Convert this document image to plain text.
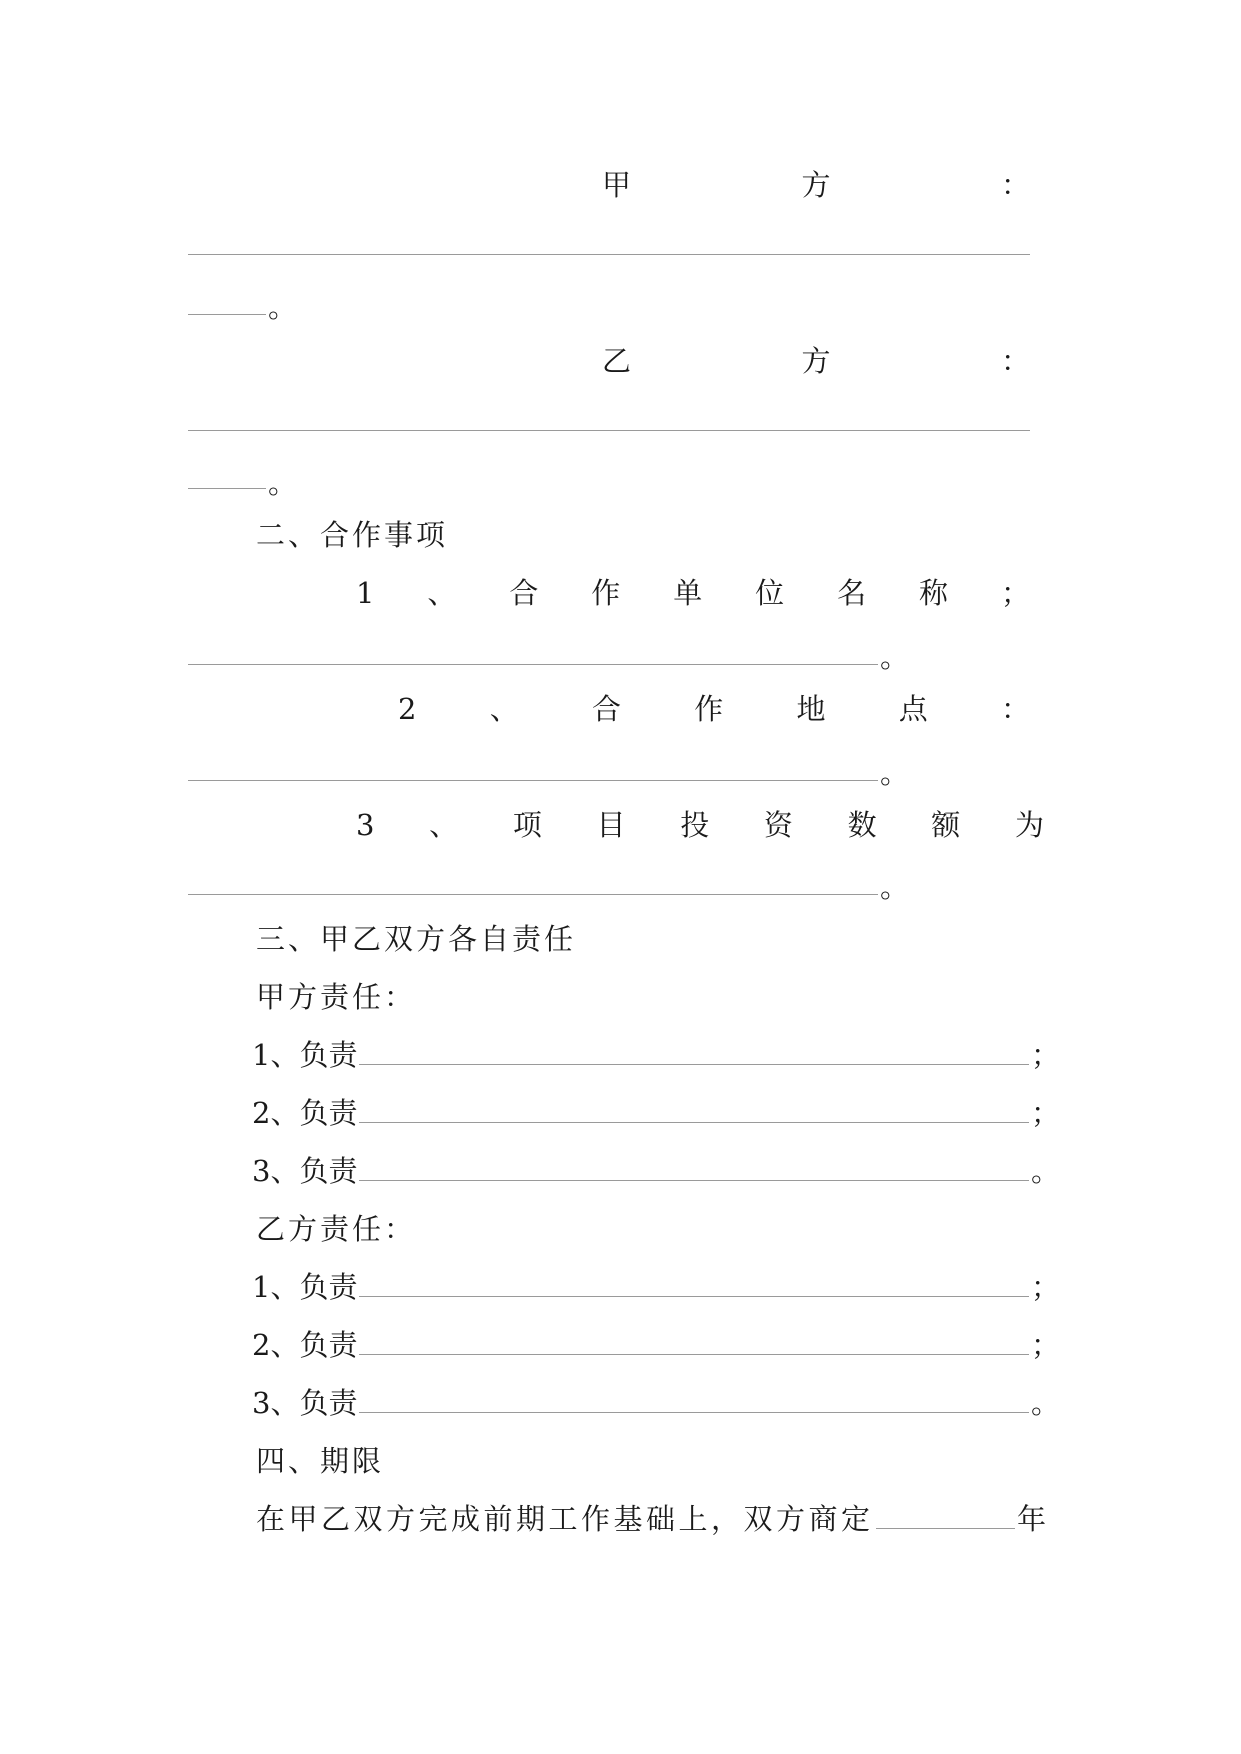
甲	方	：
。
乙	方	：
。
二、合作事项
1 、 合 作 单 位 名 称 ；
。
2	、	合	作	地	点	：
。
3 、 项 目 投 资 数 额 为
。
三、甲乙双方各自责任
甲方责任：
1、负责	；
2、负责	；
3、负责	。
乙方责任：
1、负责	；
2、负责	；
3、负责	。
四、期限
在甲乙双方完成前期工作基础上，双方商定	年
